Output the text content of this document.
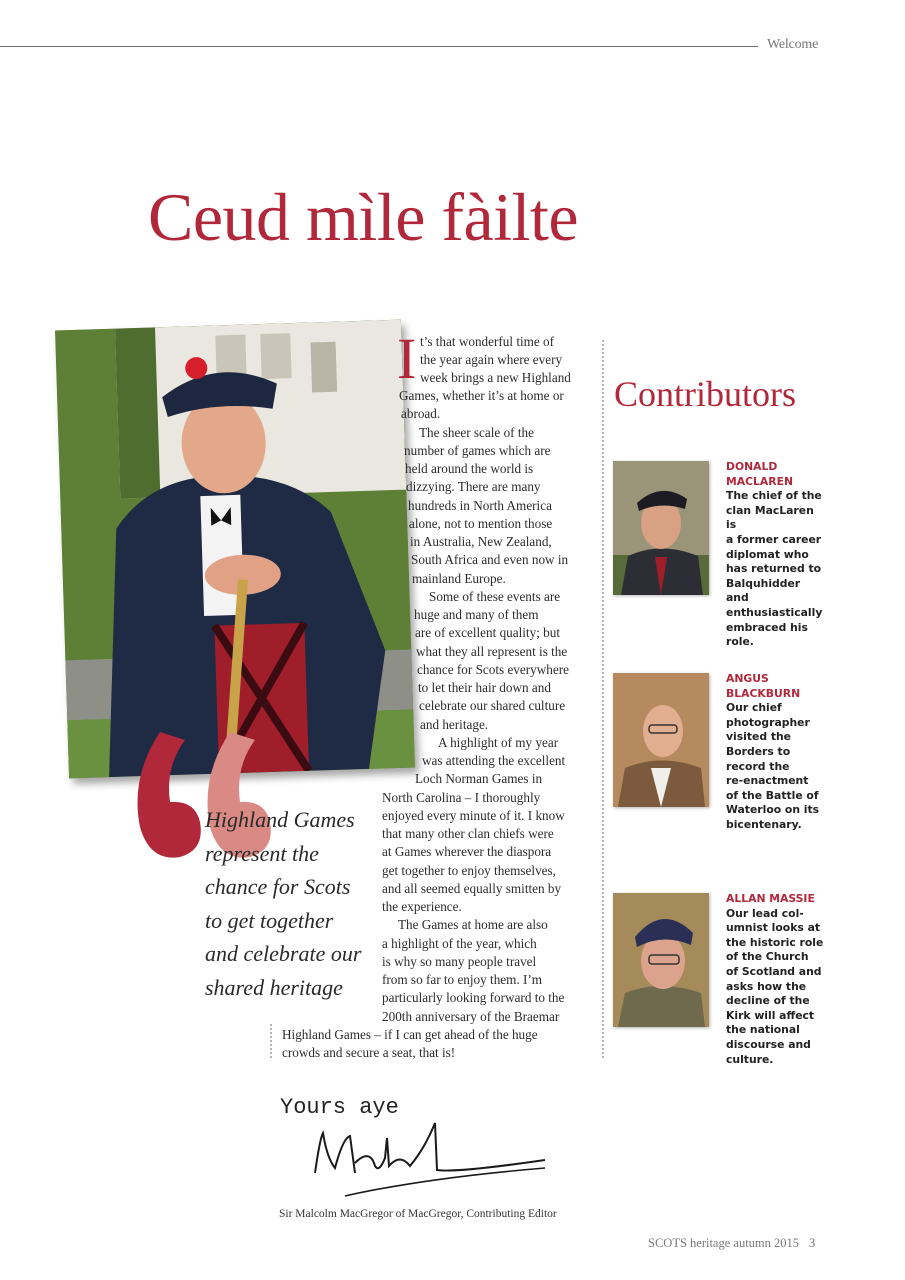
Welcome
Ceud mìle fàilte

Highland Games

represent the

chance for Scots

to get together

and celebrate our

shared heritage

I t’s that wonderful time of
the year again where every
week brings a new Highland
Games, whether it’s at home or
abroad.
The sheer scale of the
number of games which are
held around the world is
dizzying. There are many
hundreds in North America
alone, not to mention those
in Australia, New Zealand,
South Africa and even now in
mainland Europe.
Some of these events are
huge and many of them
are of excellent quality; but
what they all represent is the
chance for Scots everywhere
to let their hair down and
celebrate our shared culture
and heritage.
A highlight of my year
was attending the excellent
Loch Norman Games in
North Carolina – I thoroughly
enjoyed every minute of it. I know
that many other clan chiefs were
at Games wherever the diaspora
get together to enjoy themselves,
and all seemed equally smitten by
the experience.
The Games at home are also
a highlight of the year, which
is why so many people travel
from so far to enjoy them. I’m
particularly looking forward to the
200th anniversary of the Braemar
Highland Games – if I can get ahead of the huge
crowds and secure a seat, that is!
Yours aye
Sir Malcolm MacGregor of MacGregor, Contributing Editor
Contributors
DONALD
MACLAREN
The chief of the
clan MacLaren is
a former career
diplomat who
has returned to
Balquhidder and
enthusiastically
embraced his
role.
ANGUS
BLACKBURN
Our chief
photographer
visited the
Borders to
record the
re-enactment
of the Battle of
Waterloo on its
bicentenary.
ALLAN MASSIE
Our lead col-
umnist looks at
the historic role
of the Church
of Scotland and
asks how the
decline of the
Kirk will affect
the national
discourse and
culture.
SCOTS heritage autumn 2015 3
